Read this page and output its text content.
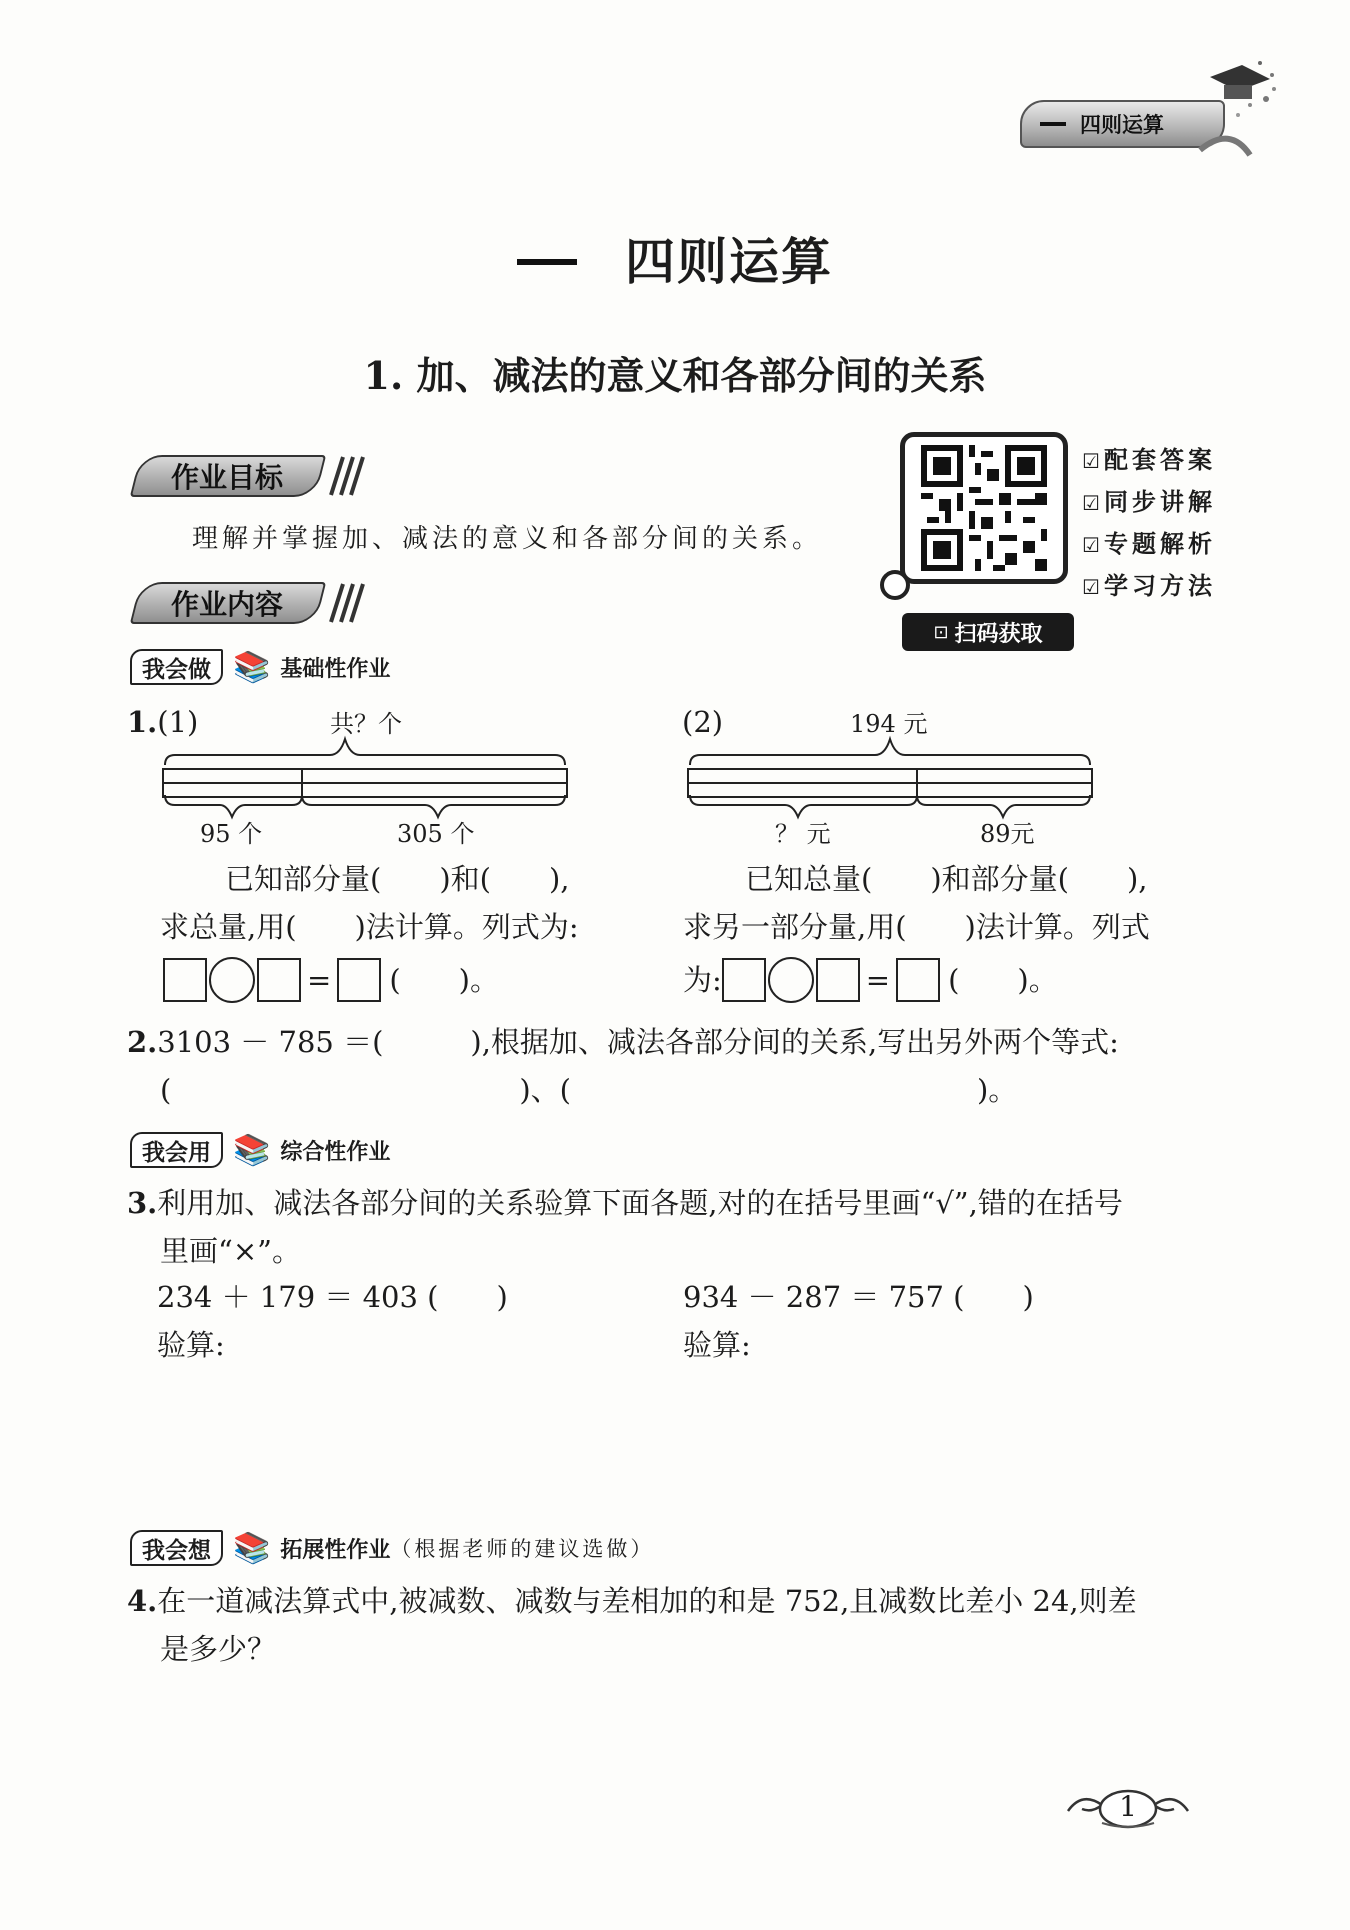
四则运算
四则运算
1. 加、减法的意义和各部分间的关系
作业目标
理解并掌握加、减法的意义和各部分间的关系。
作业内容
☑配套答案
☑同步讲解
☑专题解析
☑学习方法
⊡ 扫码获取
我会做 📚 基础性作业
1.(1)	共？个
95 个	305 个
(2)	194 元
？ 元	89元
已知部分量(　　)和(　　),
求总量,用(　　)法计算。列式为:
= (　　)。
已知总量(　　)和部分量(　　),
求另一部分量,用(　　)法计算。列式
为:	= (　　)。
2.3103 － 785 ＝(　　　),根据加、减法各部分间的关系,写出另外两个等式:
(　　　　　　　　　　　　)、(　　　　　　　　　　　　　　)。
我会用 📚 综合性作业
3.利用加、减法各部分间的关系验算下面各题,对的在括号里画“√”,错的在括号
里画“×”。
234 ＋ 179 ＝ 403 (　　)	934 － 287 ＝ 757 (　　)
验算:	验算:
我会想 📚 拓展性作业 （根据老师的建议选做）
4.在一道减法算式中,被减数、减数与差相加的和是 752,且减数比差小 24,则差
是多少？
1
